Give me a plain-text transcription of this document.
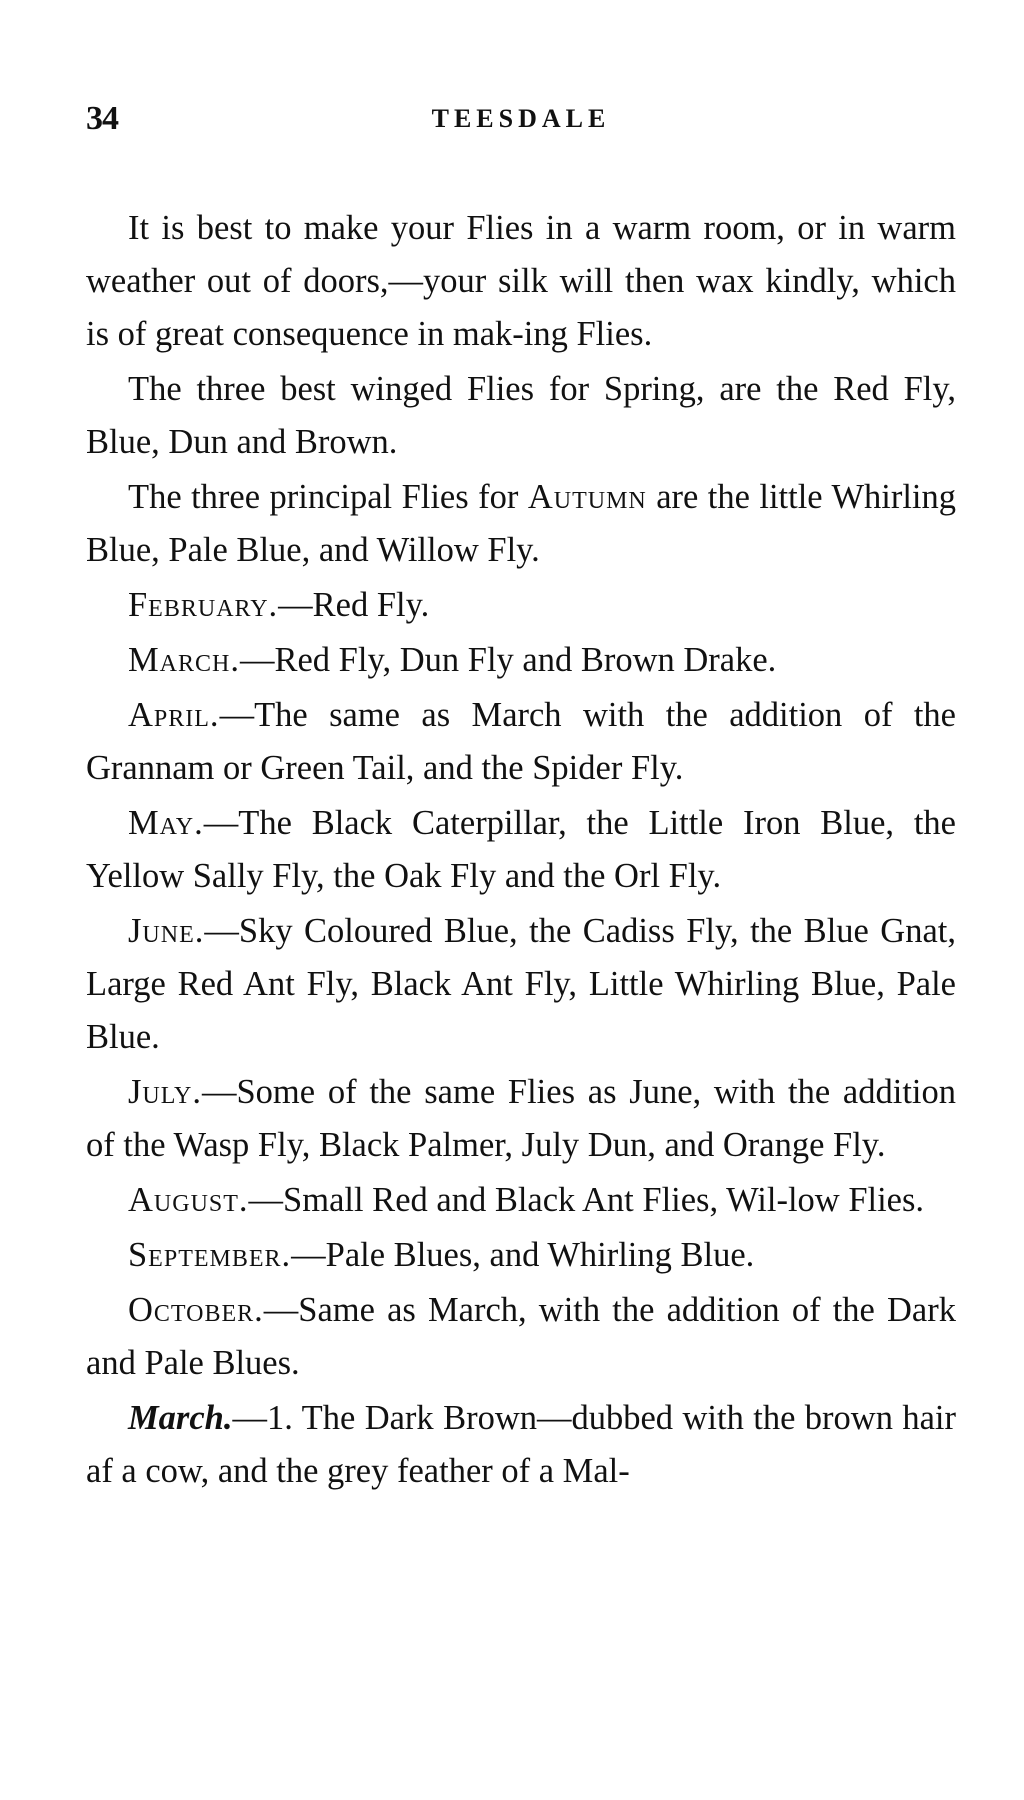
34	TEESDALE

It is best to make your Flies in a warm room, or in warm weather out of doors,—your silk will then wax kindly, which is of great consequence in mak-ing Flies.

The three best winged Flies for Spring, are the Red Fly, Blue, Dun and Brown.

The three principal Flies for Autumn are the little Whirling Blue, Pale Blue, and Willow Fly.

February.—Red Fly.

March.—Red Fly, Dun Fly and Brown Drake.

April.—The same as March with the addition of the Grannam or Green Tail, and the Spider Fly.

May.—The Black Caterpillar, the Little Iron Blue, the Yellow Sally Fly, the Oak Fly and the Orl Fly.

June.—Sky Coloured Blue, the Cadiss Fly, the Blue Gnat, Large Red Ant Fly, Black Ant Fly, Little Whirling Blue, Pale Blue.

July.—Some of the same Flies as June, with the addition of the Wasp Fly, Black Palmer, July Dun, and Orange Fly.

August.—Small Red and Black Ant Flies, Wil-low Flies.

September.—Pale Blues, and Whirling Blue.

October.—Same as March, with the addition of the Dark and Pale Blues.

March.—1. The Dark Brown—dubbed with the brown hair af a cow, and the grey feather of a Mal-
